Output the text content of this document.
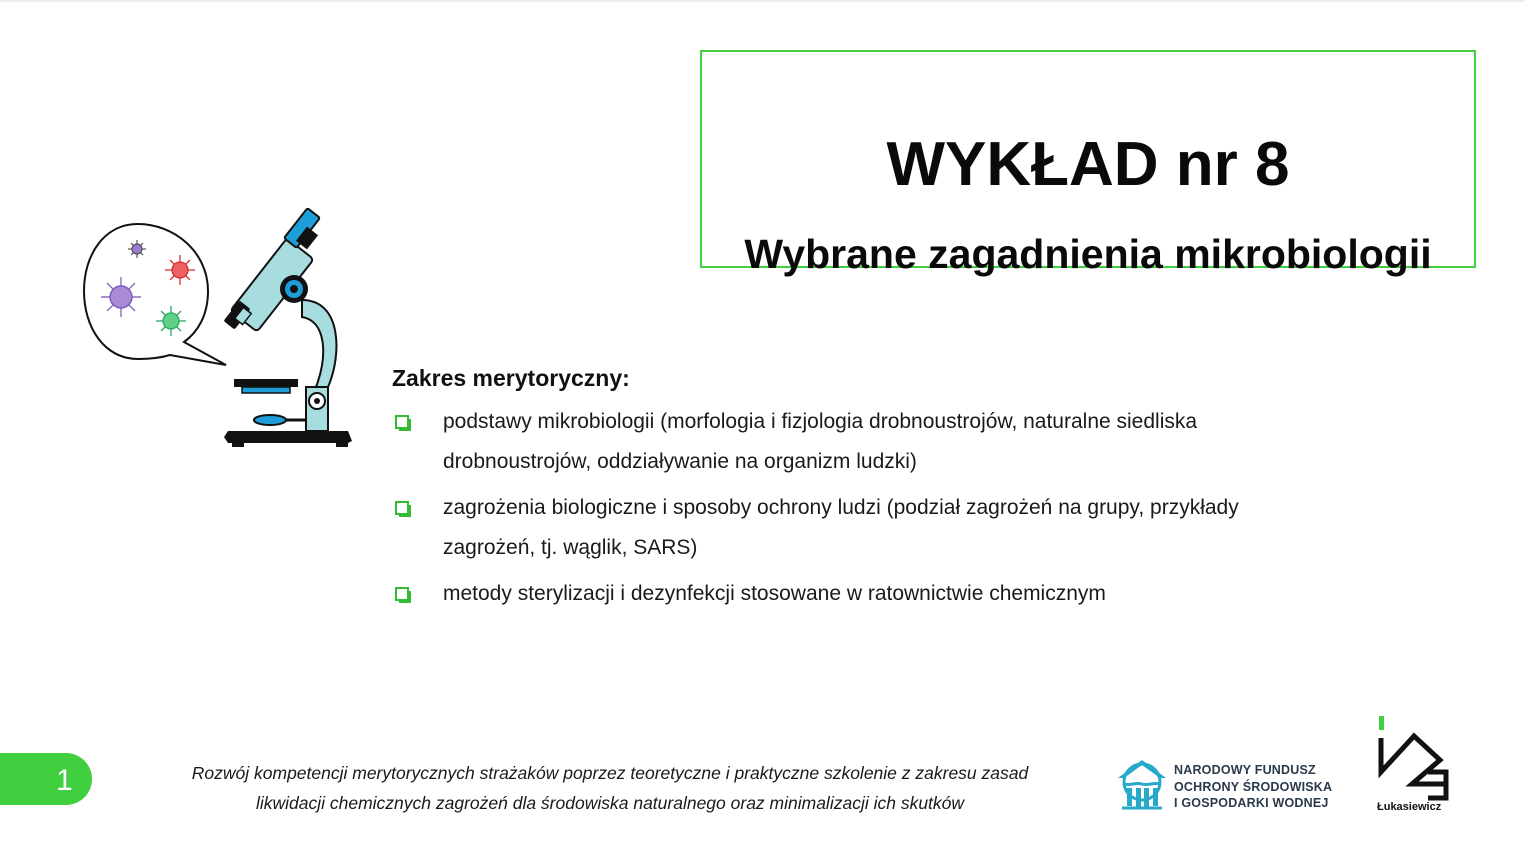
WYKŁAD nr 8
Wybrane zagadnienia mikrobiologii
Zakres merytoryczny:
podstawy mikrobiologii (morfologia i fizjologia drobnoustrojów, naturalne siedliska
drobnoustrojów, oddziaływanie na organizm ludzki)
zagrożenia biologiczne i sposoby ochrony ludzi (podział zagrożeń na grupy, przykłady
zagrożeń, tj. wąglik, SARS)
metody sterylizacji i dezynfekcji stosowane w ratownictwie chemicznym
1	Rozwój kompetencji merytorycznych strażaków poprzez teoretyczne i praktyczne szkolenie z zakresu zasad
likwidacji chemicznych zagrożeń dla środowiska naturalnego oraz minimalizacji ich skutków
NARODOWY FUNDUSZ
OCHRONY ŚRODOWISKA
I GOSPODARKI WODNEJ	Łukasiewicz
